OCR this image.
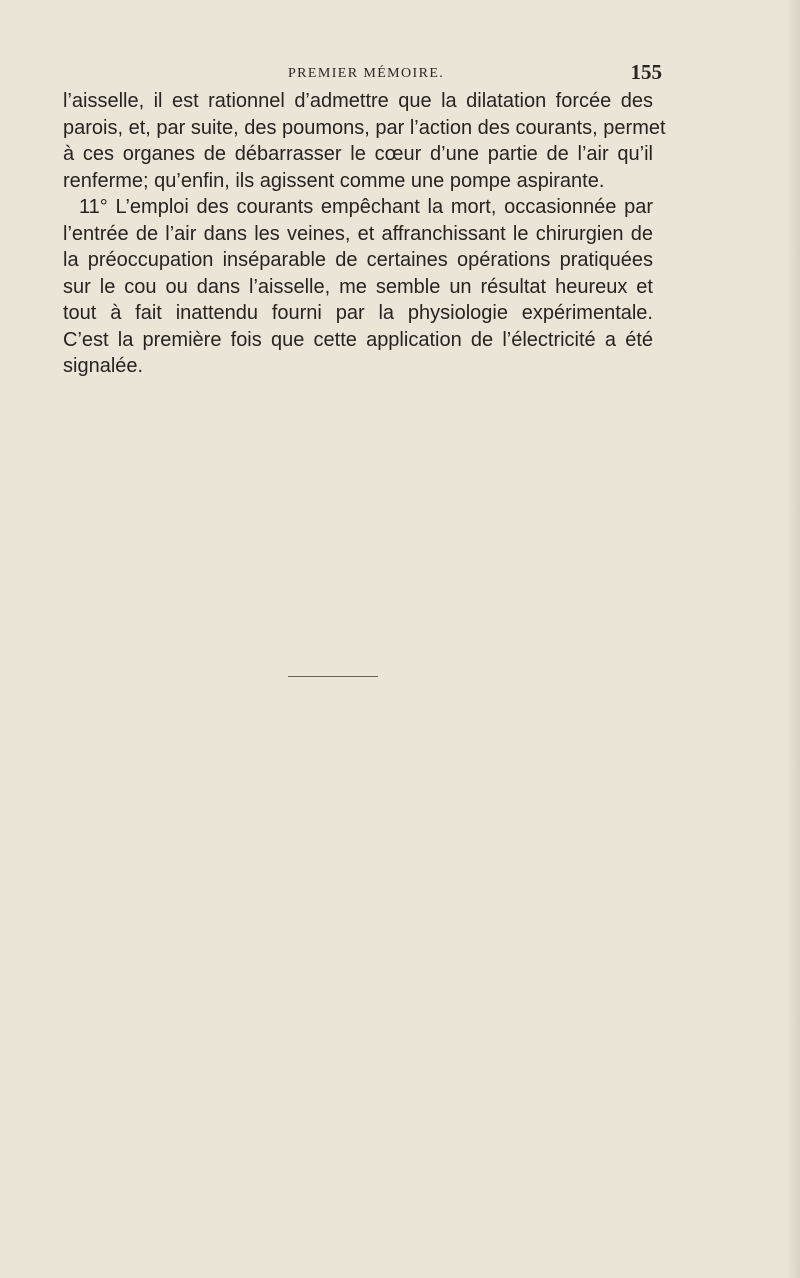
PREMIER MÉMOIRE.	155
l’aisselle, il est rationnel d’admettre que la dilatation forcée des
parois, et, par suite, des poumons, par l’action des courants, permet
à ces organes de débarrasser le cœur d’une partie de l’air qu’il
renferme; qu’enfin, ils agissent comme une pompe aspirante.
11° L’emploi des courants empêchant la mort, occasionnée par
l’entrée de l’air dans les veines, et affranchissant le chirurgien de
la préoccupation inséparable de certaines opérations pratiquées
sur le cou ou dans l’aisselle, me semble un résultat heureux et
tout à fait inattendu fourni par la physiologie expérimentale.
C’est la première fois que cette application de l’électricité a été
signalée.
